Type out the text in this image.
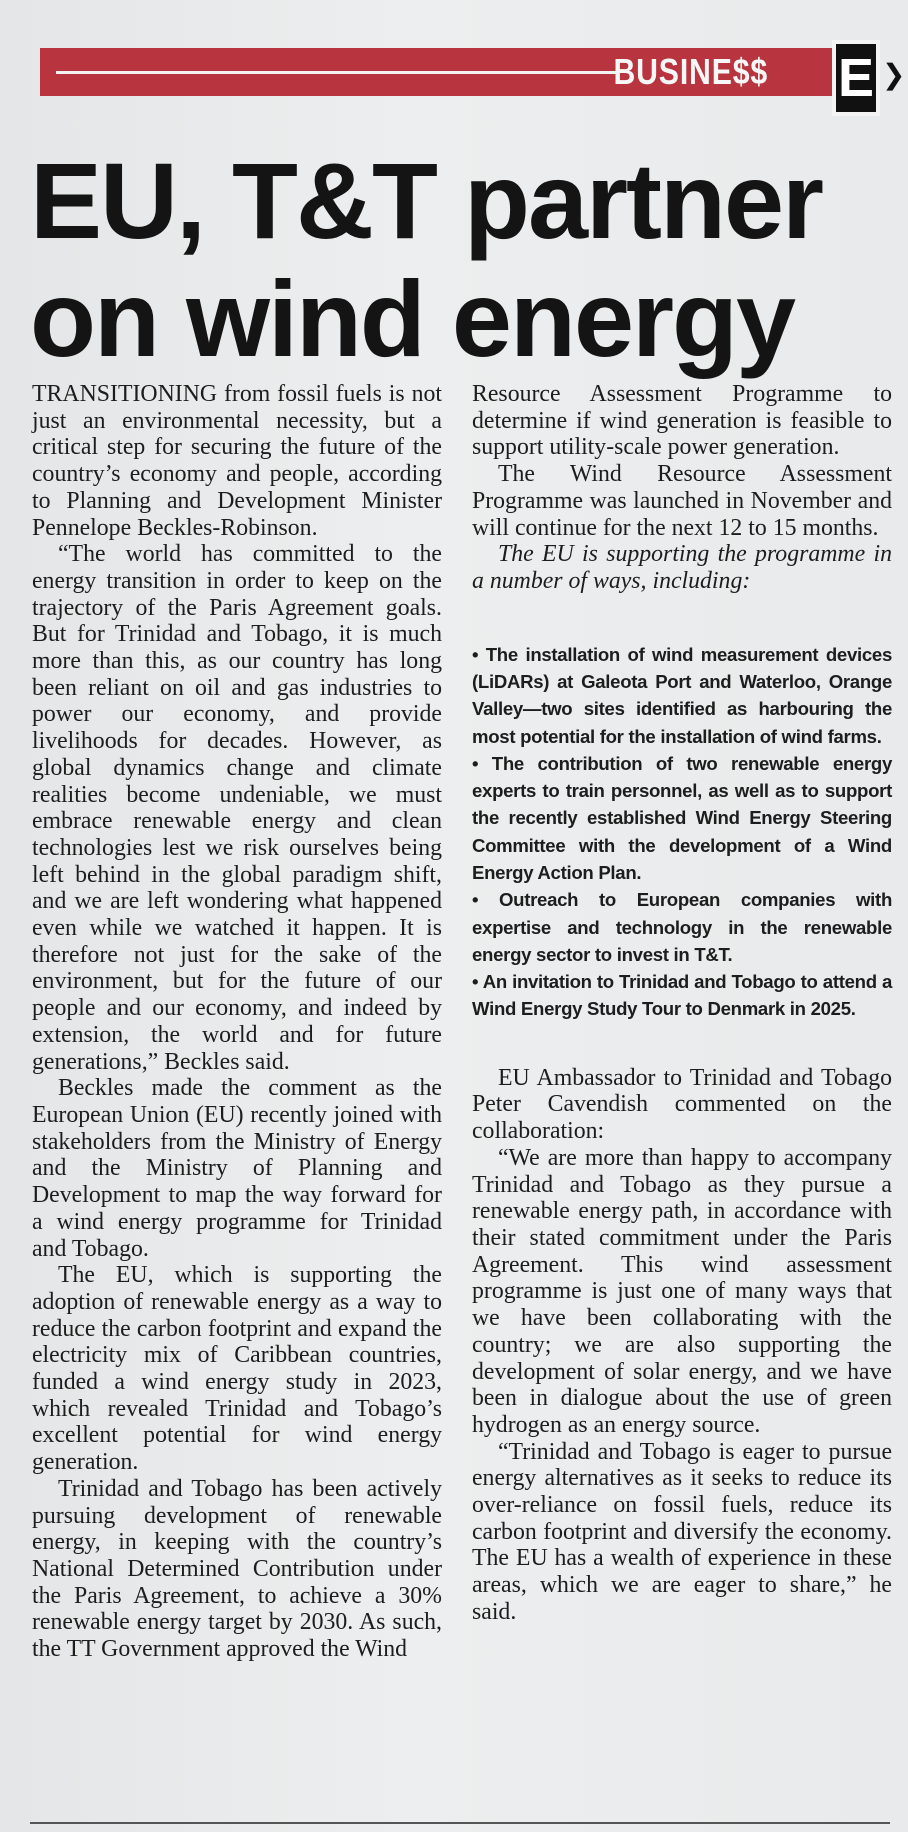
BUSINE$$ E ❯
EU, T&T partner
on wind energy

TRANSITIONING from fossil fuels is not just an environmental necessity, but a critical step for securing the future of the country’s economy and people, according to Planning and Development Minister Pennelope Beckles-Robinson.

“The world has committed to the energy transition in order to keep on the trajectory of the Paris Agreement goals. But for Trinidad and Tobago, it is much more than this, as our country has long been reliant on oil and gas industries to power our economy, and provide livelihoods for decades. However, as global dynamics change and climate realities become undeniable, we must embrace renewable energy and clean technologies lest we risk ourselves being left behind in the global paradigm shift, and we are left wondering what happened even while we watched it happen. It is therefore not just for the sake of the environment, but for the future of our people and our economy, and indeed by extension, the world and for future generations,” Beckles said.

Beckles made the comment as the European Union (EU) recently joined with stakeholders from the Ministry of Energy and the Ministry of Planning and Development to map the way forward for a wind energy programme for Trinidad and Tobago.

The EU, which is supporting the adoption of renewable energy as a way to reduce the carbon footprint and expand the electricity mix of Caribbean countries, funded a wind energy study in 2023, which revealed Trinidad and Tobago’s excellent potential for wind energy generation.

Trinidad and Tobago has been actively pursuing development of renewable energy, in keeping with the country’s National Determined Contribution under the Paris Agreement, to achieve a 30% renewable energy target by 2030. As such, the TT Government approved the Wind

Resource Assessment Programme to determine if wind generation is feasible to support utility-scale power generation.

The Wind Resource Assessment Programme was launched in November and will continue for the next 12 to 15 months.

The EU is supporting the programme in a number of ways, including:

• The installation of wind measurement devices (LiDARs) at Galeota Port and Waterloo, Orange Valley—two sites identified as harbouring the most potential for the installation of wind farms.
• The contribution of two renewable energy experts to train personnel, as well as to support the recently established Wind Energy Steering Committee with the development of a Wind Energy Action Plan.
• Outreach to European companies with expertise and technology in the renewable energy sector to invest in T&T.
• An invitation to Trinidad and Tobago to attend a Wind Energy Study Tour to Denmark in 2025.

EU Ambassador to Trinidad and Tobago Peter Cavendish commented on the collaboration:

“We are more than happy to accompany Trinidad and Tobago as they pursue a renewable energy path, in accordance with their stated commitment under the Paris Agreement. This wind assessment programme is just one of many ways that we have been collaborating with the country; we are also supporting the development of solar energy, and we have been in dialogue about the use of green hydrogen as an energy source.

“Trinidad and Tobago is eager to pursue energy alternatives as it seeks to reduce its over-reliance on fossil fuels, reduce its carbon footprint and diversify the economy. The EU has a wealth of experience in these areas, which we are eager to share,” he said.
